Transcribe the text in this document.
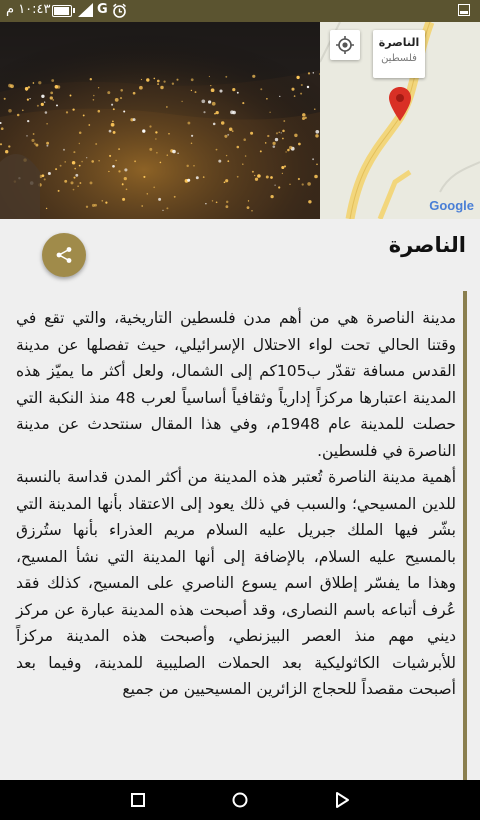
١٠:٤٣ م	G
الناصرة
فلسطين
Google
الناصرة

مدينة الناصرة هي من أهم مدن فلسطين التاريخية، والتي تقع في وقتنا الحالي تحت لواء الاحتلال الإسرائيلي، حيث تفصلها عن مدينة القدس مسافة تقدّر ب105كم إلى الشمال، ولعل أكثر ما يميّز هذه المدينة اعتبارها مركزاً إدارياً وثقافياً أساسياً لعرب 48 منذ النكبة التي حصلت للمدينة عام 1948م، وفي هذا المقال سنتحدث عن مدينة الناصرة في فلسطين.

أهمية مدينة الناصرة تُعتبر هذه المدينة من أكثر المدن قداسة بالنسبة للدين المسيحي؛ والسبب في ذلك يعود إلى الاعتقاد بأنها المدينة التي بشّر فيها الملك جبريل عليه السلام مريم العذراء بأنها ستُرزق بالمسيح عليه السلام، بالإضافة إلى أنها المدينة التي نشأ المسيح، وهذا ما يفسّر إطلاق اسم يسوع الناصري على المسيح، كذلك فقد عُرف أتباعه باسم النصارى، وقد أصبحت هذه المدينة عبارة عن مركز ديني مهم منذ العصر البيزنطي، وأصبحت هذه المدينة مركزاً للأبرشيات الكاثوليكية بعد الحملات الصليبية للمدينة، وفيما بعد أصبحت مقصداً للحجاج الزائرين المسيحيين من جميع
